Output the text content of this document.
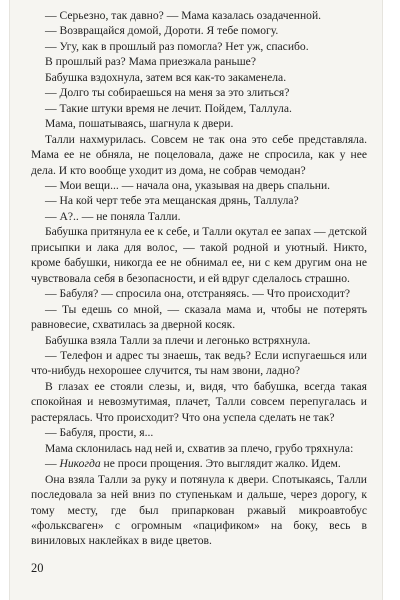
— Серьезно, так давно? — Мама казалась озадаченной.

— Возвращайся домой, Дороти. Я тебе помогу.

— Угу, как в прошлый раз помогла? Нет уж, спасибо.

В прошлый раз? Мама приезжала раньше?

Бабушка вздохнула, затем вся как-то закаменела.

— Долго ты собираешься на меня за это злиться?

— Такие штуки время не лечит. Пойдем, Таллула.

Мама, пошатываясь, шагнула к двери.

Талли нахмурилась. Совсем не так она это себе представляла. Мама ее не обняла, не поцеловала, даже не спросила, как у нее дела. И кто вообще уходит из дома, не собрав чемодан?

— Мои вещи... — начала она, указывая на дверь спальни.

— На кой черт тебе эта мещанская дрянь, Таллула?

— А?.. — не поняла Талли.

Бабушка притянула ее к себе, и Талли окутал ее запах — детской присыпки и лака для волос, — такой родной и уютный. Никто, кроме бабушки, никогда ее не обнимал ее, ни с кем другим она не чувствовала себя в безопасности, и ей вдруг сделалось страшно.

— Бабуля? — спросила она, отстраняясь. — Что происходит?

— Ты едешь со мной, — сказала мама и, чтобы не потерять равновесие, схватилась за дверной косяк.

Бабушка взяла Талли за плечи и легонько встряхнула.

— Телефон и адрес ты знаешь, так ведь? Если испугаешься или что-нибудь нехорошее случится, ты нам звони, ладно?

В глазах ее стояли слезы, и, видя, что бабушка, всегда такая спокойная и невозмутимая, плачет, Талли совсем перепугалась и растерялась. Что происходит? Что она успела сделать не так?

— Бабуля, прости, я...

Мама склонилась над ней и, схватив за плечо, грубо тряхнула:

— Никогда не проси прощения. Это выглядит жалко. Идем.

Она взяла Талли за руку и потянула к двери. Спотыкаясь, Талли последовала за ней вниз по ступенькам и дальше, через дорогу, к тому месту, где был припаркован ржавый микроавтобус «фольксваген» с огромным «пацификом» на боку, весь в виниловых наклейках в виде цветов.

20
